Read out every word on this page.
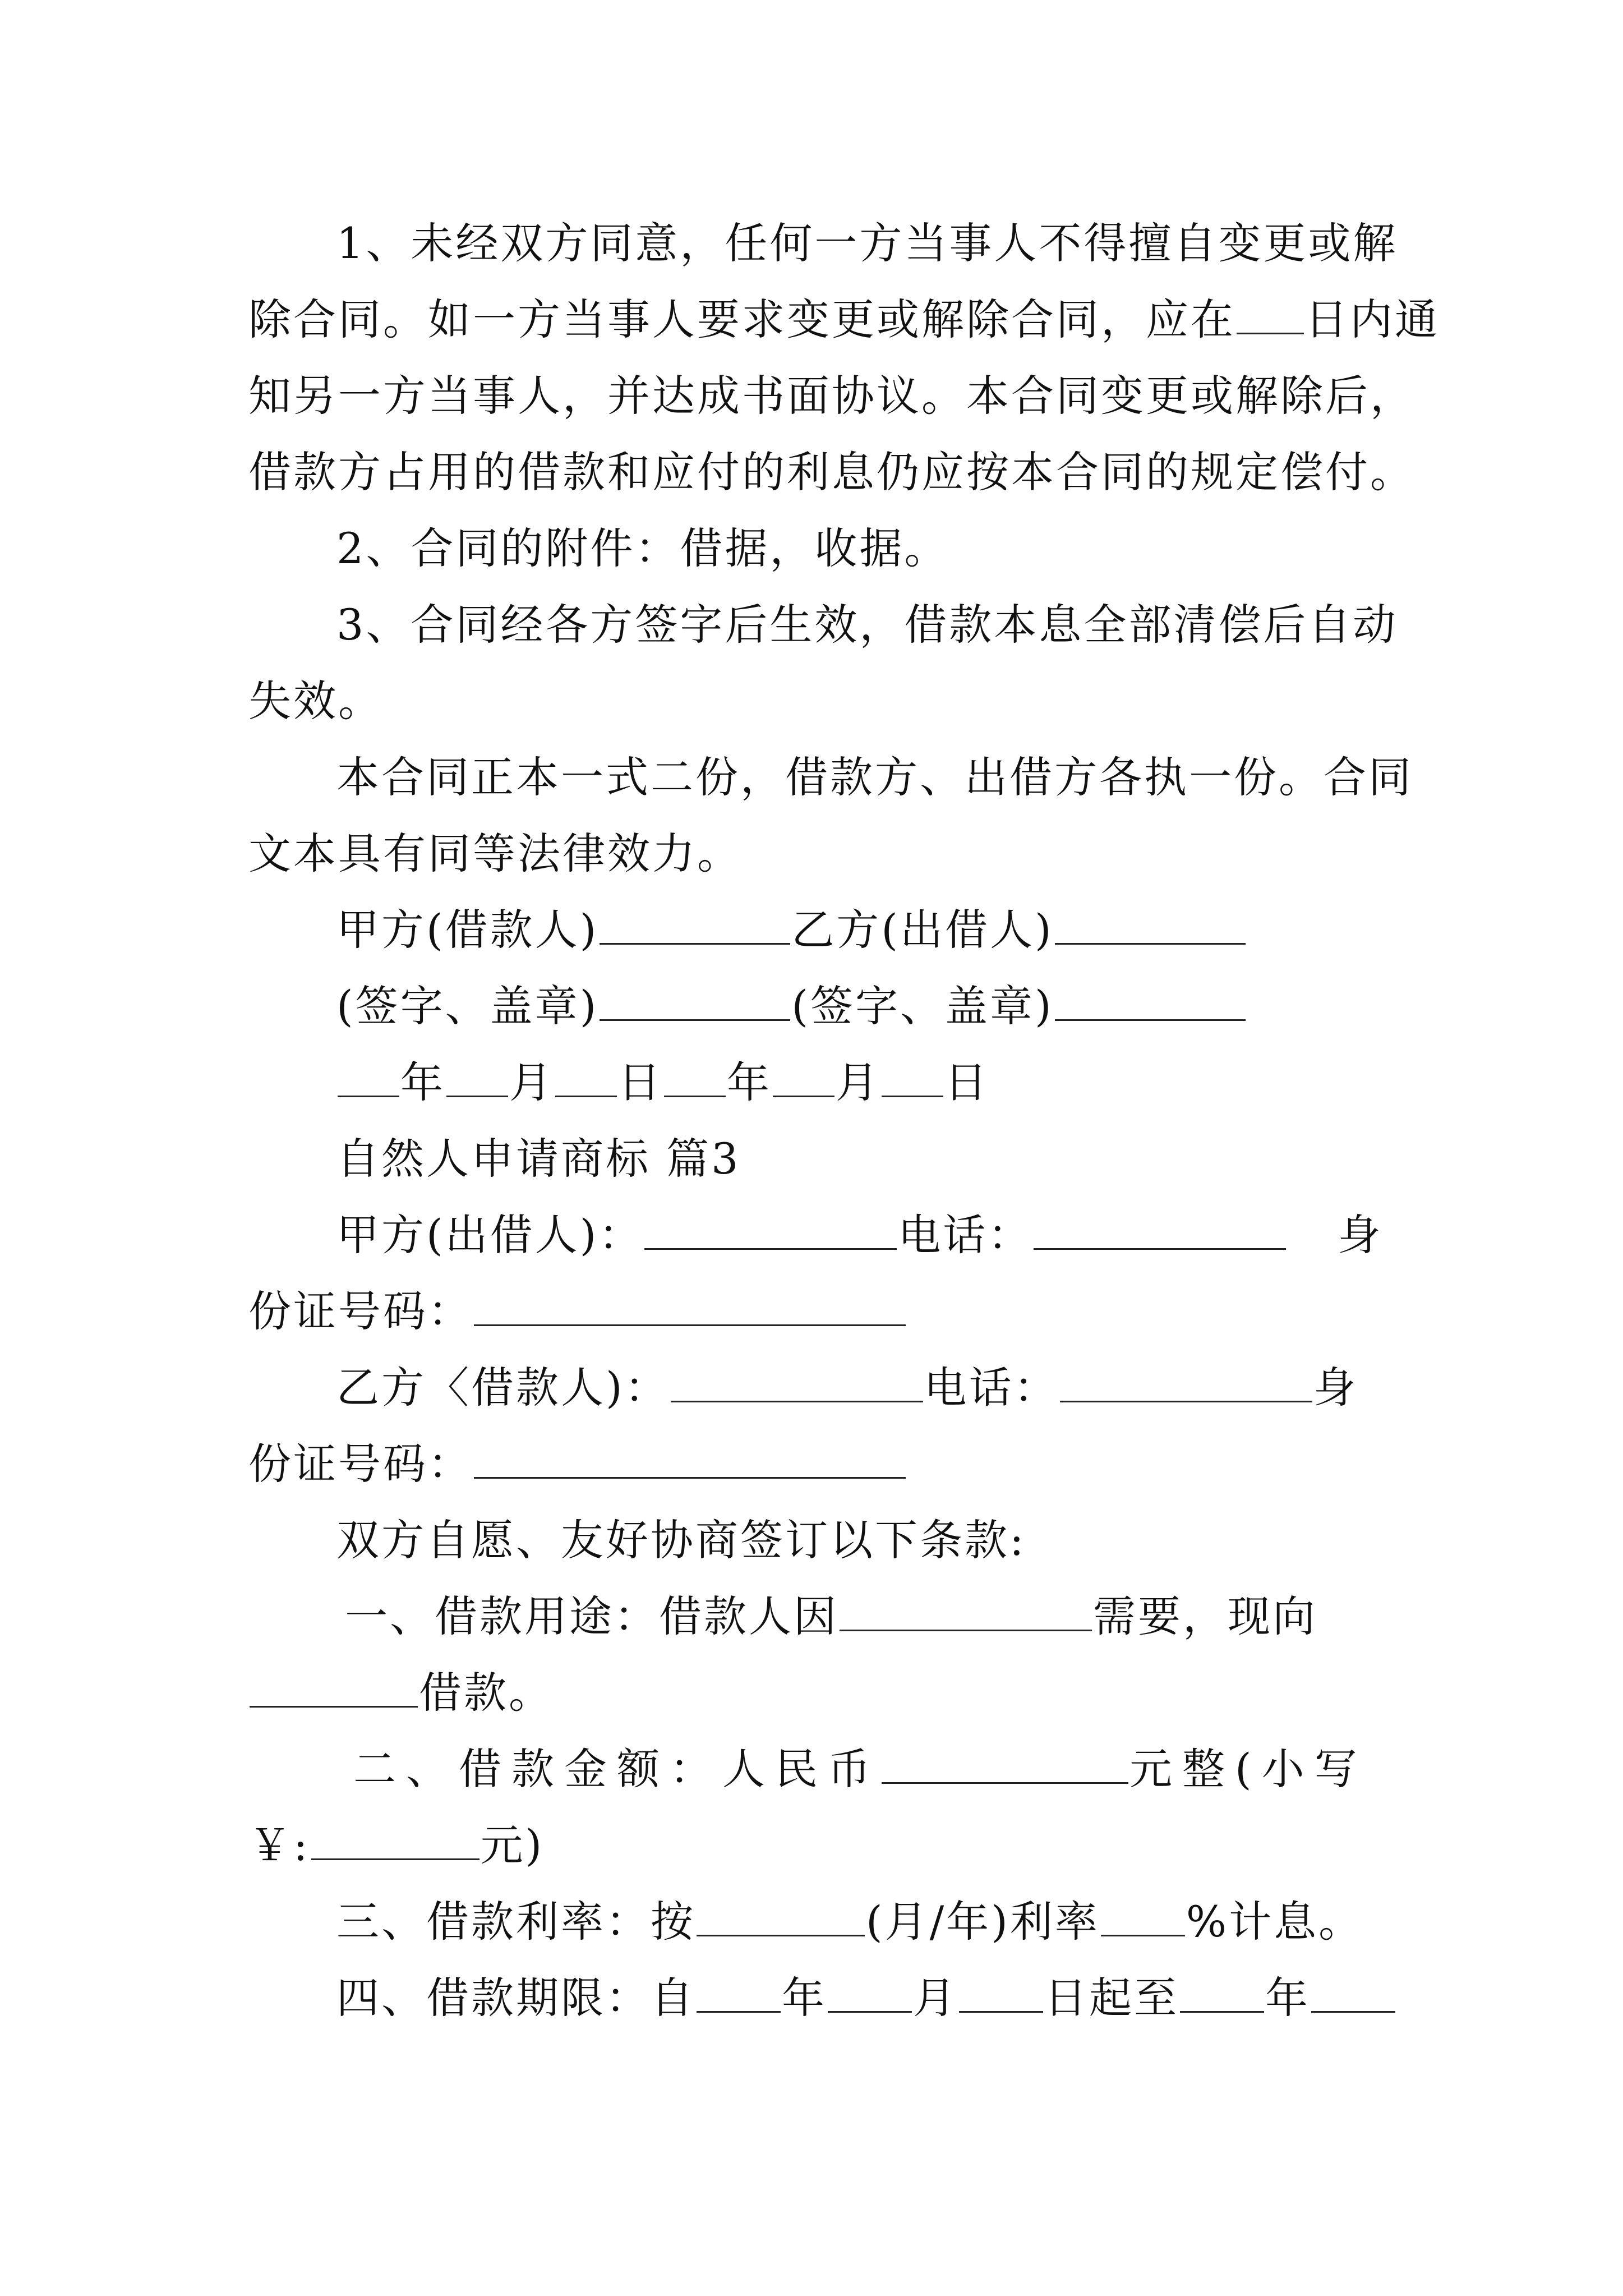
1、未经双方同意，任何一方当事人不得擅自变更或解
除合同。如一方当事人要求变更或解除合同，应在 日内通
知另一方当事人，并达成书面协议。本合同变更或解除后，
借款方占用的借款和应付的利息仍应按本合同的规定偿付。
2、合同的附件：借据，收据。
3、合同经各方签字后生效，借款本息全部清偿后自动
失效。
本合同正本一式二份，借款方、出借方各执一份。合同
文本具有同等法律效力。
甲方(借款人)	乙方(出借人)
(签字、盖章)	(签字、盖章)
年 月 日 年 月 日
自然人申请商标 篇3
甲方(出借人)：	电话：	身
份证号码：
乙方〈借款人)：	电话：	身
份证号码：
双方自愿、友好协商签订以下条款:
一、借款用途：借款人因	需要，现向
借款。
二、借款金额：人民币	元整(小写
￥:	元)
三、借款利率：按	(月/年)利率 %计息。
四、借款期限：自 年 月 日起至 年
